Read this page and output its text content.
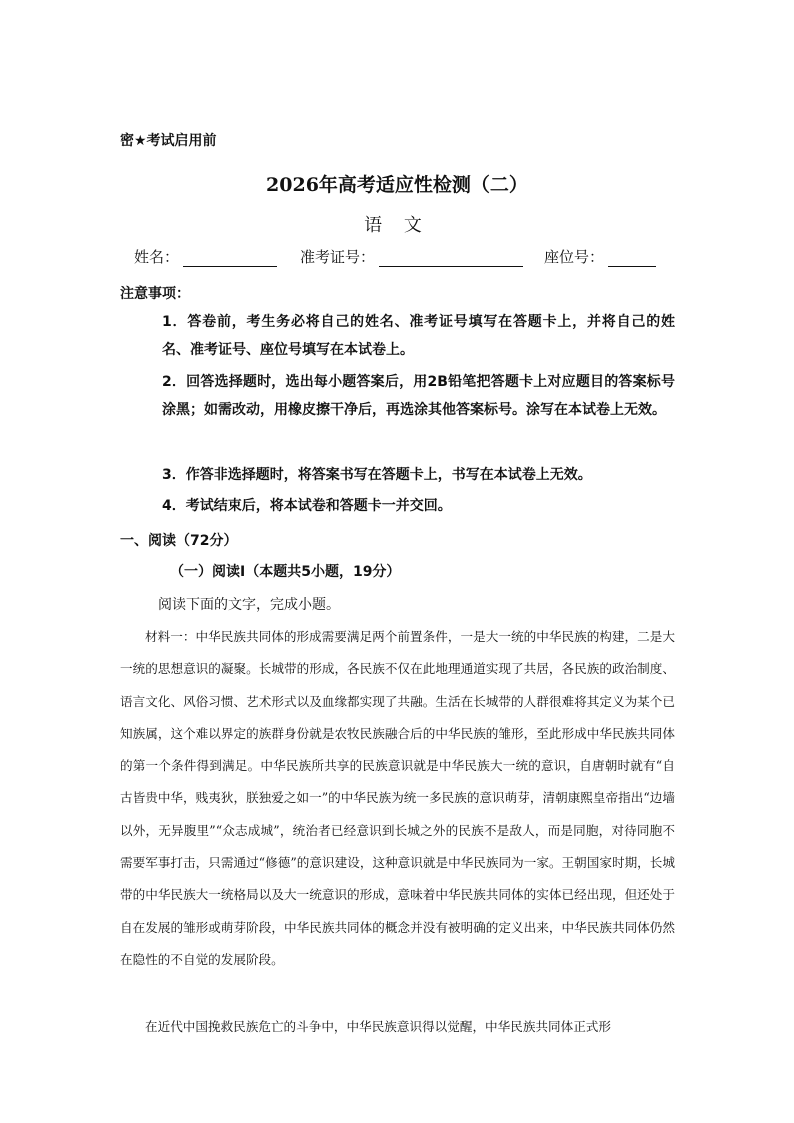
密★考试启用前
2026年高考适应性检测（二）
语 文
姓名：	准考证号：	座位号：
注意事项：
1．答卷前，考生务必将自己的姓名、准考证号填写在答题卡上，并将自己的姓名、准考证号、座位号填写在本试卷上。
2．回答选择题时，选出每小题答案后，用2B铅笔把答题卡上对应题目的答案标号涂黑；如需改动，用橡皮擦干净后，再选涂其他答案标号。涂写在本试卷上无效。
3．作答非选择题时，将答案书写在答题卡上，书写在本试卷上无效。
4．考试结束后，将本试卷和答题卡一并交回。
一、阅读（72分）
（一）阅读Ⅰ（本题共5小题，19分）
阅读下面的文字，完成小题。

材料一：中华民族共同体的形成需要满足两个前置条件，一是大一统的中华民族的构建，二是大一统的思想意识的凝聚。长城带的形成，各民族不仅在此地理通道实现了共居，各民族的政治制度、语言文化、风俗习惯、艺术形式以及血缘都实现了共融。生活在长城带的人群很难将其定义为某个已知族属，这个难以界定的族群身份就是农牧民族融合后的中华民族的雏形，至此形成中华民族共同体的第一个条件得到满足。中华民族所共享的民族意识就是中华民族大一统的意识，自唐朝时就有“自古皆贵中华，贱夷狄，朕独爱之如一”的中华民族为统一多民族的意识萌芽，清朝康熙皇帝指出“边墙以外，无异腹里”“众志成城”，统治者已经意识到长城之外的民族不是敌人，而是同胞，对待同胞不需要军事打击，只需通过“修德”的意识建设，这种意识就是中华民族同为一家。王朝国家时期，长城带的中华民族大一统格局以及大一统意识的形成，意味着中华民族共同体的实体已经出现，但还处于自在发展的雏形或萌芽阶段，中华民族共同体的概念并没有被明确的定义出来，中华民族共同体仍然在隐性的不自觉的发展阶段。

在近代中国挽救民族危亡的斗争中，中华民族意识得以觉醒，中华民族共同体正式形
